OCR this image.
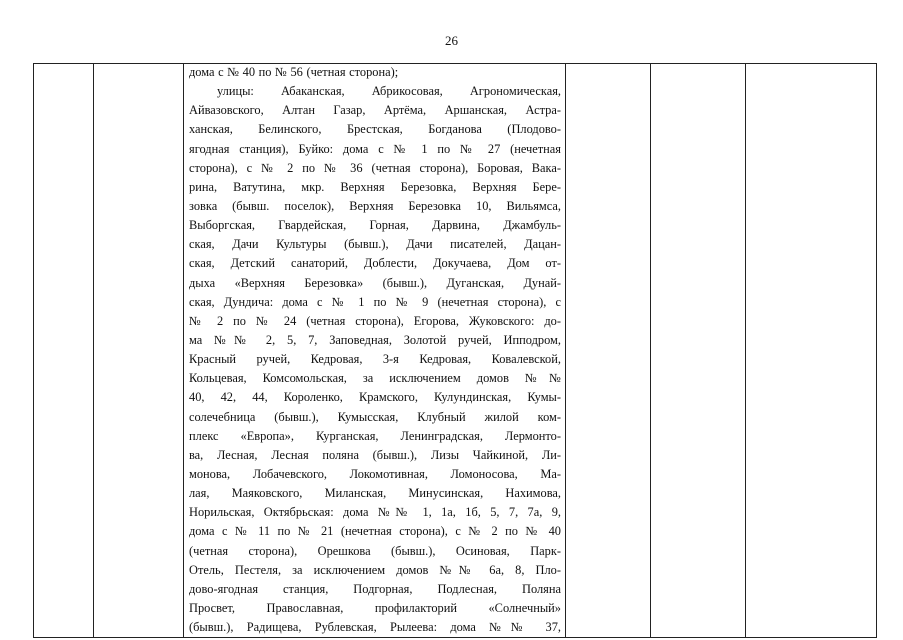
26

дома с № 40 по № 56 (четная сторона);
улицы: Абаканская, Абрикосовая, Агрономическая,
Айвазовского, Алтан Газар, Артёма, Аршанская, Астра-
ханская, Белинского, Брестская, Богданова (Плодово-
ягодная станция), Буйко: дома с № 1 по № 27 (нечетная
сторона), с № 2 по № 36 (четная сторона), Боровая, Вака-
рина, Ватутина, мкр. Верхняя Березовка, Верхняя Бере-
зовка (бывш. поселок), Верхняя Березовка 10, Вильямса,
Выборгская, Гвардейская, Горная, Дарвина, Джамбуль-
ская, Дачи Культуры (бывш.), Дачи писателей, Дацан-
ская, Детский санаторий, Доблести, Докучаева, Дом от-
дыха «Верхняя Березовка» (бывш.), Дуганская, Дунай-
ская, Дундича: дома с № 1 по № 9 (нечетная сторона), с
№ 2 по № 24 (четная сторона), Егорова, Жуковского: до-
ма №№ 2, 5, 7, Заповедная, Золотой ручей, Ипподром,
Красный ручей, Кедровая, 3-я Кедровая, Ковалевской,
Кольцевая, Комсомольская, за исключением домов №№
40, 42, 44, Короленко, Крамского, Кулундинская, Кумы-
солечебница (бывш.), Кумысская, Клубный жилой ком-
плекс «Европа», Курганская, Ленинградская, Лермонто-
ва, Лесная, Лесная поляна (бывш.), Лизы Чайкиной, Ли-
монова, Лобачевского, Локомотивная, Ломоносова, Ма-
лая, Маяковского, Миланская, Минусинская, Нахимова,
Норильская, Октябрьская: дома №№ 1, 1а, 1б, 5, 7, 7а, 9,
дома с № 11 по № 21 (нечетная сторона), с № 2 по № 40
(четная сторона), Орешкова (бывш.), Осиновая, Парк-
Отель, Пестеля, за исключением домов №№ 6а, 8, Пло-
дово-ягодная станция, Подгорная, Подлесная, Поляна
Просвет, Православная, профилакторий «Солнечный»
(бывш.), Радищева, Рублевская, Рылеева: дома №№ 37,
